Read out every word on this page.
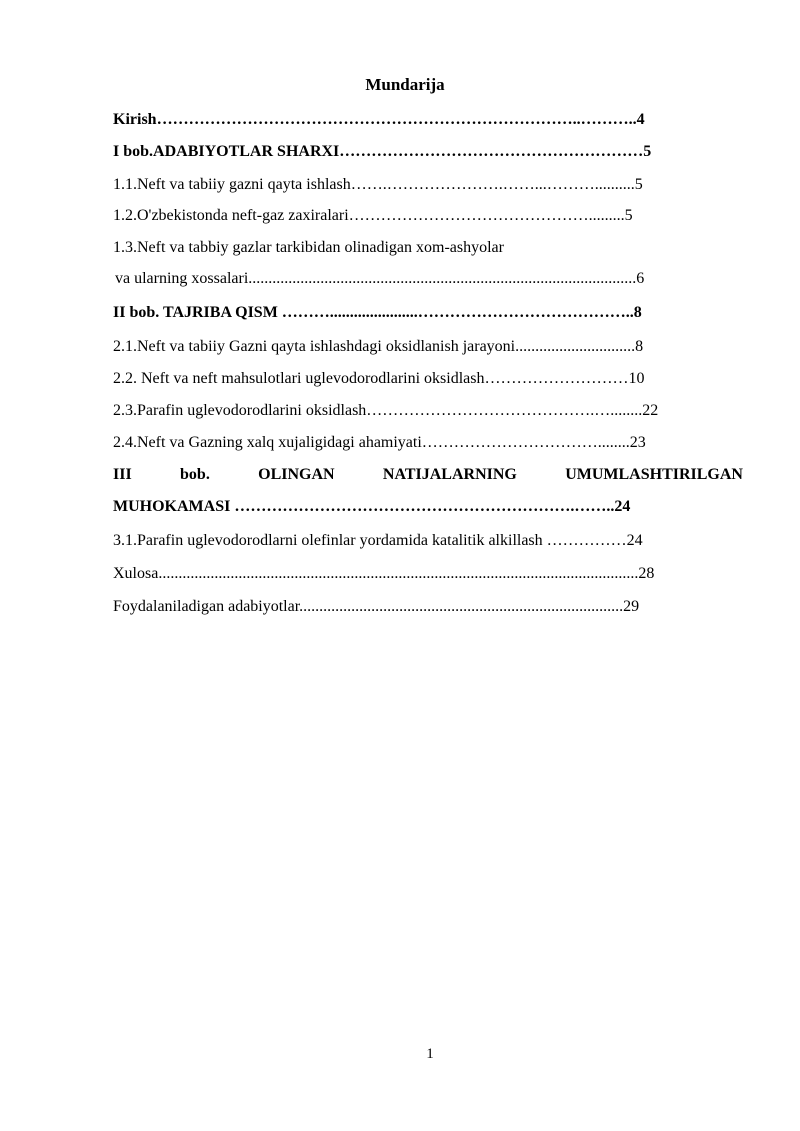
Mundarija
Kirish……………………………………………………………………..………..4
I bob.ADABIYOTLAR SHARXI…………………………………………………5
1.1.Neft va tabiiy gazni qayta ishlash…….………………….……...………..........5
1.2.O'zbekistonda neft-gaz zaxiralari……………………………………….........5
1.3.Neft va tabbiy gazlar tarkibidan olinadigan xom-ashyolar
va ularning xossalari.................................................................................................6
II bob. TAJRIBA QISM ………......................…………………………………..8
2.1.Neft va tabiiy Gazni qayta ishlashdagi oksidlanish jarayoni..............................8
2.2. Neft va neft mahsulotlari uglevodorodlarini oksidlash………………………10
2.3.Parafin uglevodorodlarini oksidlash…………………………………….…........22
2.4.Neft va Gazning xalq xujaligidagi ahamiyati……………………………........23
III	bob.	OLINGAN	NATIJALARNING	UMUMLASHTIRILGAN
MUHOKAMASI ……………………………………………………….……..24
3.1.Parafin uglevodorodlarni olefinlar yordamida katalitik alkillash ……………24
Xulosa........................................................................................................................28
Foydalaniladigan adabiyotlar.................................................................................29
1
